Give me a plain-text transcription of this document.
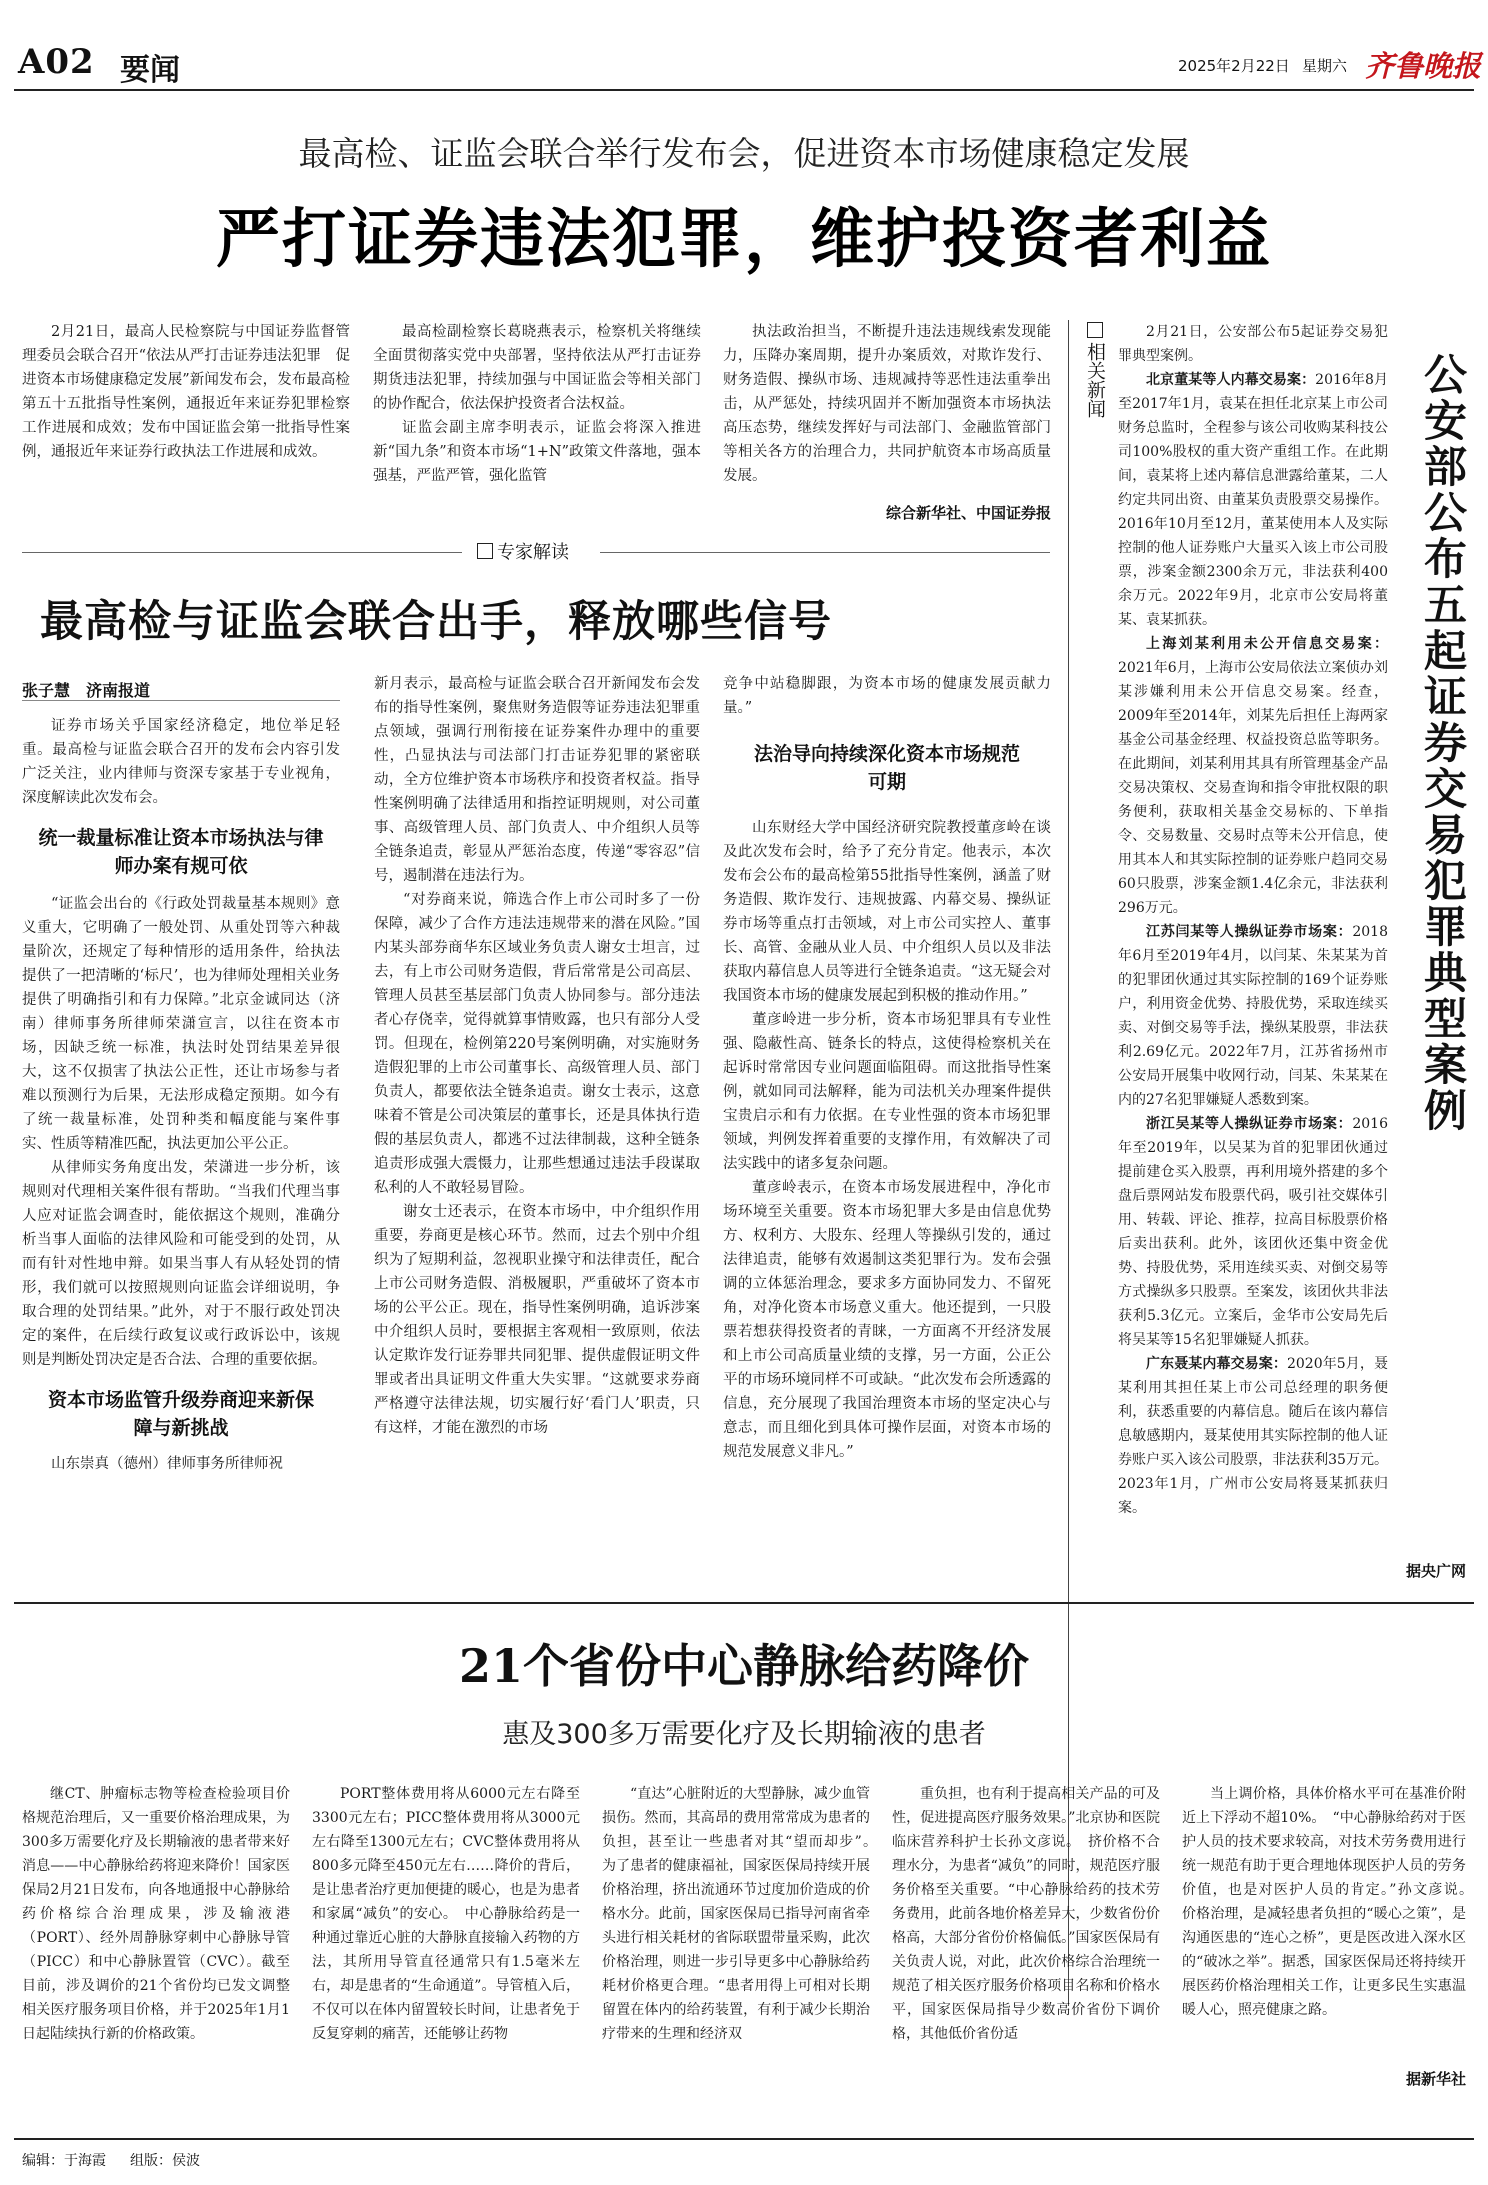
A02 要闻	2025年2月22日 星期六 齐鲁晚报
最高检、证监会联合举行发布会，促进资本市场健康稳定发展
严打证券违法犯罪，维护投资者利益

2月21日，最高人民检察院与中国证券监督管理委员会联合召开“依法从严打击证券违法犯罪　促进资本市场健康稳定发展”新闻发布会，发布最高检第五十五批指导性案例，通报近年来证券犯罪检察工作进展和成效；发布中国证监会第一批指导性案例，通报近年来证券行政执法工作进展和成效。

最高检副检察长葛晓燕表示，检察机关将继续全面贯彻落实党中央部署，坚持依法从严打击证券期货违法犯罪，持续加强与中国证监会等相关部门的协作配合，依法保护投资者合法权益。

证监会副主席李明表示，证监会将深入推进新“国九条”和资本市场“1+N”政策文件落地，强本强基，严监严管，强化监管

执法政治担当，不断提升违法违规线索发现能力，压降办案周期，提升办案质效，对欺诈发行、财务造假、操纵市场、违规减持等恶性违法重拳出击，从严惩处，持续巩固并不断加强资本市场执法高压态势，继续发挥好与司法部门、金融监管部门等相关各方的治理合力，共同护航资本市场高质量发展。

综合新华社、中国证券报
专家解读
最高检与证监会联合出手，释放哪些信号
张子慧　济南报道

证券市场关乎国家经济稳定，地位举足轻重。最高检与证监会联合召开的发布会内容引发广泛关注，业内律师与资深专家基于专业视角，深度解读此次发布会。

统一裁量标准让资本市场执法与律师办案有规可依

“证监会出台的《行政处罚裁量基本规则》意义重大，它明确了一般处罚、从重处罚等六种裁量阶次，还规定了每种情形的适用条件，给执法提供了一把清晰的‘标尺’，也为律师处理相关业务提供了明确指引和有力保障。”北京金诚同达（济南）律师事务所律师荣潇宣言，以往在资本市场，因缺乏统一标准，执法时处罚结果差异很大，这不仅损害了执法公正性，还让市场参与者难以预测行为后果，无法形成稳定预期。如今有了统一裁量标准，处罚种类和幅度能与案件事实、性质等精准匹配，执法更加公平公正。

从律师实务角度出发，荣潇进一步分析，该规则对代理相关案件很有帮助。“当我们代理当事人应对证监会调查时，能依据这个规则，准确分析当事人面临的法律风险和可能受到的处罚，从而有针对性地申辩。如果当事人有从轻处罚的情形，我们就可以按照规则向证监会详细说明，争取合理的处罚结果。”此外，对于不服行政处罚决定的案件，在后续行政复议或行政诉讼中，该规则是判断处罚决定是否合法、合理的重要依据。

资本市场监管升级券商迎来新保障与新挑战

山东崇真（德州）律师事务所律师祝

新月表示，最高检与证监会联合召开新闻发布会发布的指导性案例，聚焦财务造假等证券违法犯罪重点领域，强调行刑衔接在证券案件办理中的重要性，凸显执法与司法部门打击证券犯罪的紧密联动，全方位维护资本市场秩序和投资者权益。指导性案例明确了法律适用和指控证明规则，对公司董事、高级管理人员、部门负责人、中介组织人员等全链条追责，彰显从严惩治态度，传递“零容忍”信号，遏制潜在违法行为。

“对券商来说，筛选合作上市公司时多了一份保障，减少了合作方违法违规带来的潜在风险。”国内某头部券商华东区域业务负责人谢女士坦言，过去，有上市公司财务造假，背后常常是公司高层、管理人员甚至基层部门负责人协同参与。部分违法者心存侥幸，觉得就算事情败露，也只有部分人受罚。但现在，检例第220号案例明确，对实施财务造假犯罪的上市公司董事长、高级管理人员、部门负责人，都要依法全链条追责。谢女士表示，这意味着不管是公司决策层的董事长，还是具体执行造假的基层负责人，都逃不过法律制裁，这种全链条追责形成强大震慑力，让那些想通过违法手段谋取私利的人不敢轻易冒险。

谢女士还表示，在资本市场中，中介组织作用重要，券商更是核心环节。然而，过去个别中介组织为了短期利益，忽视职业操守和法律责任，配合上市公司财务造假、消极履职，严重破坏了资本市场的公平公正。现在，指导性案例明确，追诉涉案中介组织人员时，要根据主客观相一致原则，依法认定欺诈发行证券罪共同犯罪、提供虚假证明文件罪或者出具证明文件重大失实罪。“这就要求券商严格遵守法律法规，切实履行好‘看门人’职责，只有这样，才能在激烈的市场

竞争中站稳脚跟，为资本市场的健康发展贡献力量。”

法治导向持续深化资本市场规范可期

山东财经大学中国经济研究院教授董彦岭在谈及此次发布会时，给予了充分肯定。他表示，本次发布会公布的最高检第55批指导性案例，涵盖了财务造假、欺诈发行、违规披露、内幕交易、操纵证券市场等重点打击领域，对上市公司实控人、董事长、高管、金融从业人员、中介组织人员以及非法获取内幕信息人员等进行全链条追责。“这无疑会对我国资本市场的健康发展起到积极的推动作用。”

董彦岭进一步分析，资本市场犯罪具有专业性强、隐蔽性高、链条长的特点，这使得检察机关在起诉时常常因专业问题面临阻碍。而这批指导性案例，就如同司法解释，能为司法机关办理案件提供宝贵启示和有力依据。在专业性强的资本市场犯罪领域，判例发挥着重要的支撑作用，有效解决了司法实践中的诸多复杂问题。

董彦岭表示，在资本市场发展进程中，净化市场环境至关重要。资本市场犯罪大多是由信息优势方、权利方、大股东、经理人等操纵引发的，通过法律追责，能够有效遏制这类犯罪行为。发布会强调的立体惩治理念，要求多方面协同发力、不留死角，对净化资本市场意义重大。他还提到，一只股票若想获得投资者的青睐，一方面离不开经济发展和上市公司高质量业绩的支撑，另一方面，公正公平的市场环境同样不可或缺。“此次发布会所透露的信息，充分展现了我国治理资本市场的坚定决心与意志，而且细化到具体可操作层面，对资本市场的规范发展意义非凡。”

相关新闻	公安部公布五起证券交易犯罪典型案例

2月21日，公安部公布5起证券交易犯罪典型案例。

北京董某等人内幕交易案：2016年8月至2017年1月，袁某在担任北京某上市公司财务总监时，全程参与该公司收购某科技公司100%股权的重大资产重组工作。在此期间，袁某将上述内幕信息泄露给董某，二人约定共同出资、由董某负责股票交易操作。2016年10月至12月，董某使用本人及实际控制的他人证券账户大量买入该上市公司股票，涉案金额2300余万元，非法获利400余万元。2022年9月，北京市公安局将董某、袁某抓获。

上海刘某利用未公开信息交易案：2021年6月，上海市公安局依法立案侦办刘某涉嫌利用未公开信息交易案。经查，2009年至2014年，刘某先后担任上海两家基金公司基金经理、权益投资总监等职务。在此期间，刘某利用其具有所管理基金产品交易决策权、交易查询和指令审批权限的职务便利，获取相关基金交易标的、下单指令、交易数量、交易时点等未公开信息，使用其本人和其实际控制的证券账户趋同交易60只股票，涉案金额1.4亿余元，非法获利296万元。

江苏闫某等人操纵证券市场案：2018年6月至2019年4月，以闫某、朱某某为首的犯罪团伙通过其实际控制的169个证券账户，利用资金优势、持股优势，采取连续买卖、对倒交易等手法，操纵某股票，非法获利2.69亿元。2022年7月，江苏省扬州市公安局开展集中收网行动，闫某、朱某某在内的27名犯罪嫌疑人悉数到案。

浙江吴某等人操纵证券市场案：2016年至2019年，以吴某为首的犯罪团伙通过提前建仓买入股票，再利用境外搭建的多个盘后票网站发布股票代码，吸引社交媒体引用、转载、评论、推荐，拉高目标股票价格后卖出获利。此外，该团伙还集中资金优势、持股优势，采用连续买卖、对倒交易等方式操纵多只股票。至案发，该团伙共非法获利5.3亿元。立案后，金华市公安局先后将吴某等15名犯罪嫌疑人抓获。

广东聂某内幕交易案：2020年5月，聂某利用其担任某上市公司总经理的职务便利，获悉重要的内幕信息。随后在该内幕信息敏感期内，聂某使用其实际控制的他人证券账户买入该公司股票，非法获利35万元。2023年1月，广州市公安局将聂某抓获归案。

据央广网
21个省份中心静脉给药降价
惠及300多万需要化疗及长期输液的患者

继CT、肿瘤标志物等检查检验项目价格规范治理后，又一重要价格治理成果，为300多万需要化疗及长期输液的患者带来好消息——中心静脉给药将迎来降价！国家医保局2月21日发布，向各地通报中心静脉给药价格综合治理成果，涉及输液港（PORT）、经外周静脉穿刺中心静脉导管（PICC）和中心静脉置管（CVC）。截至目前，涉及调价的21个省份均已发文调整相关医疗服务项目价格，并于2025年1月1日起陆续执行新的价格政策。

PORT整体费用将从6000元左右降至3300元左右；PICC整体费用将从3000元左右降至1300元左右；CVC整体费用将从800多元降至450元左右……降价的背后，是让患者治疗更加便捷的暖心，也是为患者和家属“减负”的安心。　中心静脉给药是一种通过靠近心脏的大静脉直接输入药物的方法，其所用导管直径通常只有1.5毫米左右，却是患者的“生命通道”。导管植入后，不仅可以在体内留置较长时间，让患者免于反复穿刺的痛苦，还能够让药物

“直达”心脏附近的大型静脉，减少血管损伤。然而，其高昂的费用常常成为患者的负担，甚至让一些患者对其“望而却步”。　为了患者的健康福祉，国家医保局持续开展价格治理，挤出流通环节过度加价造成的价格水分。此前，国家医保局已指导河南省牵头进行相关耗材的省际联盟带量采购，此次价格治理，则进一步引导更多中心静脉给药耗材价格更合理。“患者用得上可相对长期留置在体内的给药装置，有利于减少长期治疗带来的生理和经济双

重负担，也有利于提高相关产品的可及性，促进提高医疗服务效果。”北京协和医院临床营养科护士长孙文彦说。　挤价格不合理水分，为患者“减负”的同时，规范医疗服务价格至关重要。“中心静脉给药的技术劳务费用，此前各地价格差异大，少数省份价格高，大部分省份价格偏低。”国家医保局有关负责人说，对此，此次价格综合治理统一规范了相关医疗服务价格项目名称和价格水平，国家医保局指导少数高价省份下调价格，其他低价省份适

当上调价格，具体价格水平可在基准价附近上下浮动不超10%。　“中心静脉给药对于医护人员的技术要求较高，对技术劳务费用进行统一规范有助于更合理地体现医护人员的劳务价值，也是对医护人员的肯定。”孙文彦说。　价格治理，是减轻患者负担的“暖心之策”，是沟通医患的“连心之桥”，更是医改进入深水区的“破冰之举”。据悉，国家医保局还将持续开展医药价格治理相关工作，让更多民生实惠温暖人心，照亮健康之路。

据新华社
编辑：于海霞 组版：侯波
